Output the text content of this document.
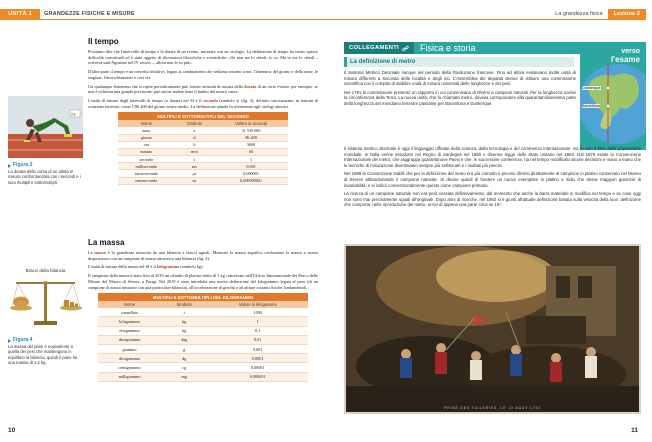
UNITÀ 1	GRANDEZZE FISICHE E MISURE
23
Figura 3
La durata della corsa di un atleta si misura confrontandola con i secondi e i suoi multipli e sottomultipli.
Bracci della bilancia
Figura 4
La massa del pane è equivalente a quella dei pesi che mantengono in equilibrio la bilancia, quindi il pane ha una massa di 1,2 kg.
Il tempo

Possiamo dire che l'intervallo di tempo è la durata di un evento, misurata con un orologio. La definizione di tempo ha creato spesso difficoltà concettuali ed è stata oggetto di discussioni filosofiche e scientifiche: «Se non me lo chiedi, lo so. Ma se me lo chiedi – scriveva sant'Agostino nel IV secolo –, allora non lo so più».

D'altra parte il tempo è un concetto intuitivo, legato ai cambiamenti che vediamo intorno a noi: l'alternarsi del giorno e della notte, le stagioni, l'invecchiamento e così via.

Un qualunque fenomeno che si ripete periodicamente può fornire un'unità di misura della durata di un certo evento: per esempio, se non è richiesta una grande precisione, può anche andare bene il battito del nostro cuore.

L'unità di misura degli intervalli di tempo (o durata) nel SI è il secondo (simbolo s) (fig. 3), definito storicamente, in termini di rotazione terrestre, come 1/86 400 del giorno solare medio. La definizione attuale fa riferimento agli orologi atomici.

MULTIPLI E SOTTOMULTIPLI DEL SECONDO
Nome	Simbolo	Valore in secondi
anno	a	31 536 000
giorno	d	86 400
ora	h	3600
minuto	min	60
secondo	s	1
millisecondo	ms	0,001
microsecondo	μs	0,000001
nanosecondo	ns	0,000000001
La massa

La massa è la grandezza misurata da una bilancia a bracci uguali. Misurare la massa significa confrontare la massa a nostra disposizione con un campione di massa attraverso una bilancia (fig. 4).

L'unità di misura della massa nel SI è il kilogrammo (simbolo kg).

Il campione della massa è stato fino al 2019 un cilindro di platino-iridio di 1 kg conservato nell'Ufficio Internazionale dei Pesi e delle Misure del Museo di Sèvres, a Parigi. Nel 2019 è stata introdotta una nuova definizione del kilogrammo legata al peso (di un campione di massa misurato con una particolare bilancia), all'accelerazione di gravità e ad alcune costanti fisiche fondamentali.

MULTIPLI E SOTTOMULTIPLI DEL KILOGRAMMO
Nome	Simbolo	Valore in kilogrammi
tonnellata	t	1000
kilogrammo	kg	1
ettogrammo	hg	0,1
decagrammo	dag	0,01
grammo	g	0,001
decigrammo	dg	0,0001
centigrammo	cg	0,00001
milligrammo	mg	0,000001
10
La grandezza fisica	Lezione 2
COLLEGAMENTI	Fisica e storia	verso
l'esame
Dunkerque
Barcellona
La definizione di metro

Il Sistema Metrico Decimale nacque nel periodo della Rivoluzione francese. Fino ad allora esistevano molte unità di misura differenti a seconda delle località e degli usi. L'Assemblea dei deputati decise di istituire una commissione scientifica con il compito di stabilire unità di misura universali delle lunghezze e dei pesi.

Nel 1791 la commissione presentò un rapporto in cui convenivano di riferirsi a campioni naturali. Per la lunghezza scelse la circonferenza della Terra. La nuova unità, che fu chiamata metro, doveva corrispondere alla quarantamilionesima parte della lunghezza del meridiano terrestre passante per Barcellona e Dunkerque.

Il sistema metrico decimale è oggi il linguaggio ufficiale della scienza, della tecnologia e del commercio internazionale; ma fu solo il 95% della popolazione mondiale. In Italia venne introdotto nel Regno di Sardegna nel 1850 e divenne legge dello Stato unitario nel 1863. Dal 1875 esiste la Convenzione Internazionale del metro, che raggruppa quarantanove Paesi e che, in successive conferenze, ha nel tempo modificato alcune decisioni e mano a mano che le tecniche di misurazione diventavano sempre più sofisticate e i risultati più precisi.

Nel 1889 la Convenzione stabilì che per la definizione del metro era più comodo e preciso riferirsi direttamente al campione in platino conservato nel Museo di Sèvres abbandonando il campione naturale. Si decise quindi di fondere un nuovo esemplare in platino e iridio che desse maggiori garanzie di invariabilità, e si indicò convenzionalmente questo come campione primario.

La ricerca di un campione naturale non era però cessata definitivamente, dal momento che anche la barra materiale si modifica nel tempo e se cose oggi non sono mai precisamente uguali all'originale. Dopo anni di ricerche, nel 1983 si è giunti all'attuale definizione basata sulla velocità della luce: definizione che comporta, nella riproduzione del metro, errori di appena una parte circa su 10⁹.

PRISE DES TUILERIES, LE 10 AOUT 1792
11
